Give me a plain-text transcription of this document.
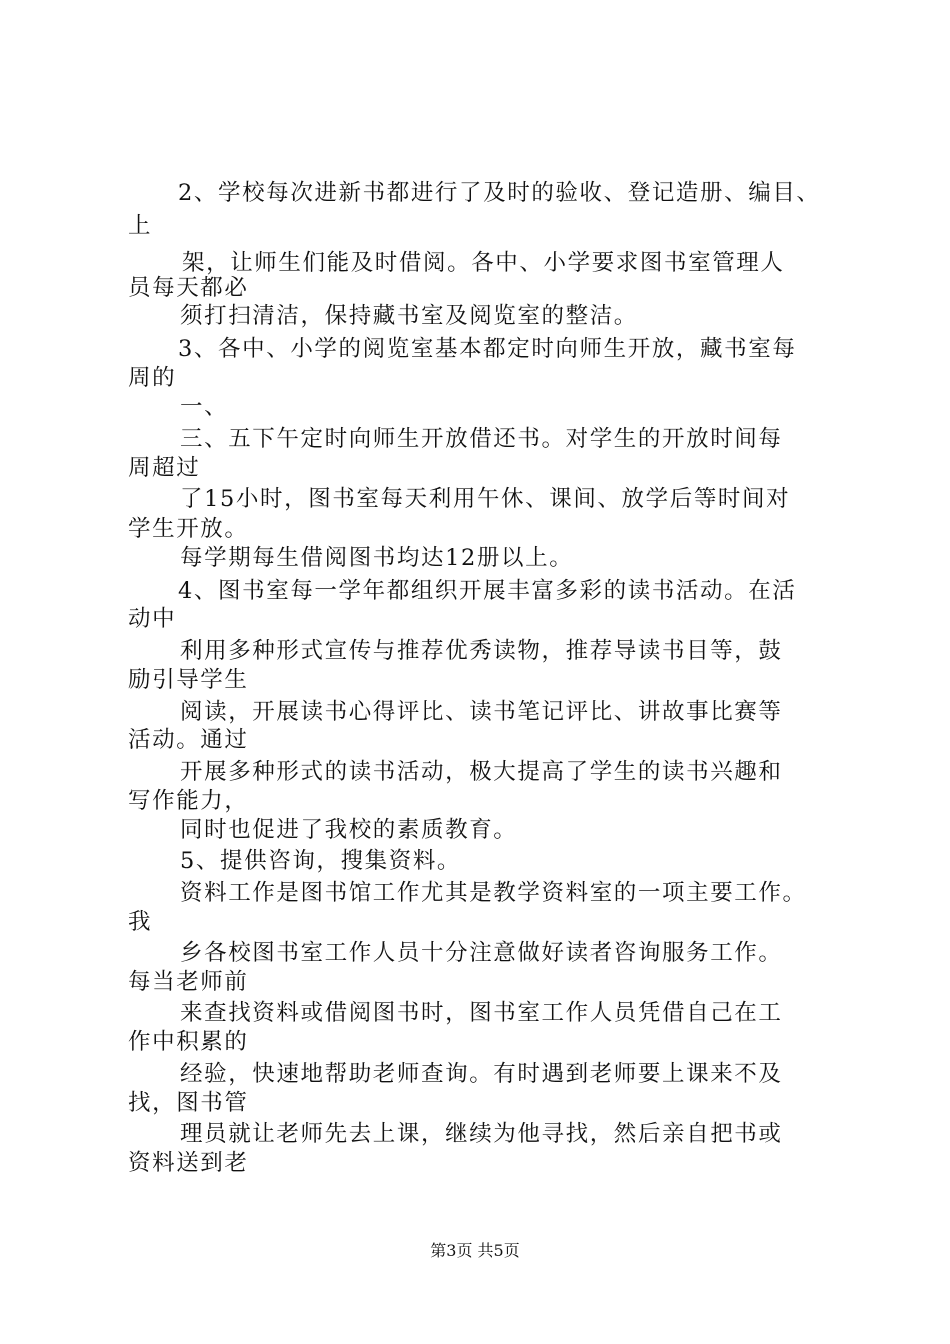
2、学校每次进新书都进行了及时的验收、登记造册、编目、
上
架，让师生们能及时借阅。各中、小学要求图书室管理人
员每天都必
须打扫清洁，保持藏书室及阅览室的整洁。
3、各中、小学的阅览室基本都定时向师生开放，藏书室每
周的
一、
三、五下午定时向师生开放借还书。对学生的开放时间每
周超过
了15小时，图书室每天利用午休、课间、放学后等时间对
学生开放。
每学期每生借阅图书均达12册以上。
4、图书室每一学年都组织开展丰富多彩的读书活动。在活
动中
利用多种形式宣传与推荐优秀读物，推荐导读书目等，鼓
励引导学生
阅读，开展读书心得评比、读书笔记评比、讲故事比赛等
活动。通过
开展多种形式的读书活动，极大提高了学生的读书兴趣和
写作能力，
同时也促进了我校的素质教育。
5、提供咨询，搜集资料。
资料工作是图书馆工作尤其是教学资料室的一项主要工作。
我
乡各校图书室工作人员十分注意做好读者咨询服务工作。
每当老师前
来查找资料或借阅图书时，图书室工作人员凭借自己在工
作中积累的
经验，快速地帮助老师查询。有时遇到老师要上课来不及
找，图书管
理员就让老师先去上课，继续为他寻找，然后亲自把书或
资料送到老
第3页 共5页
